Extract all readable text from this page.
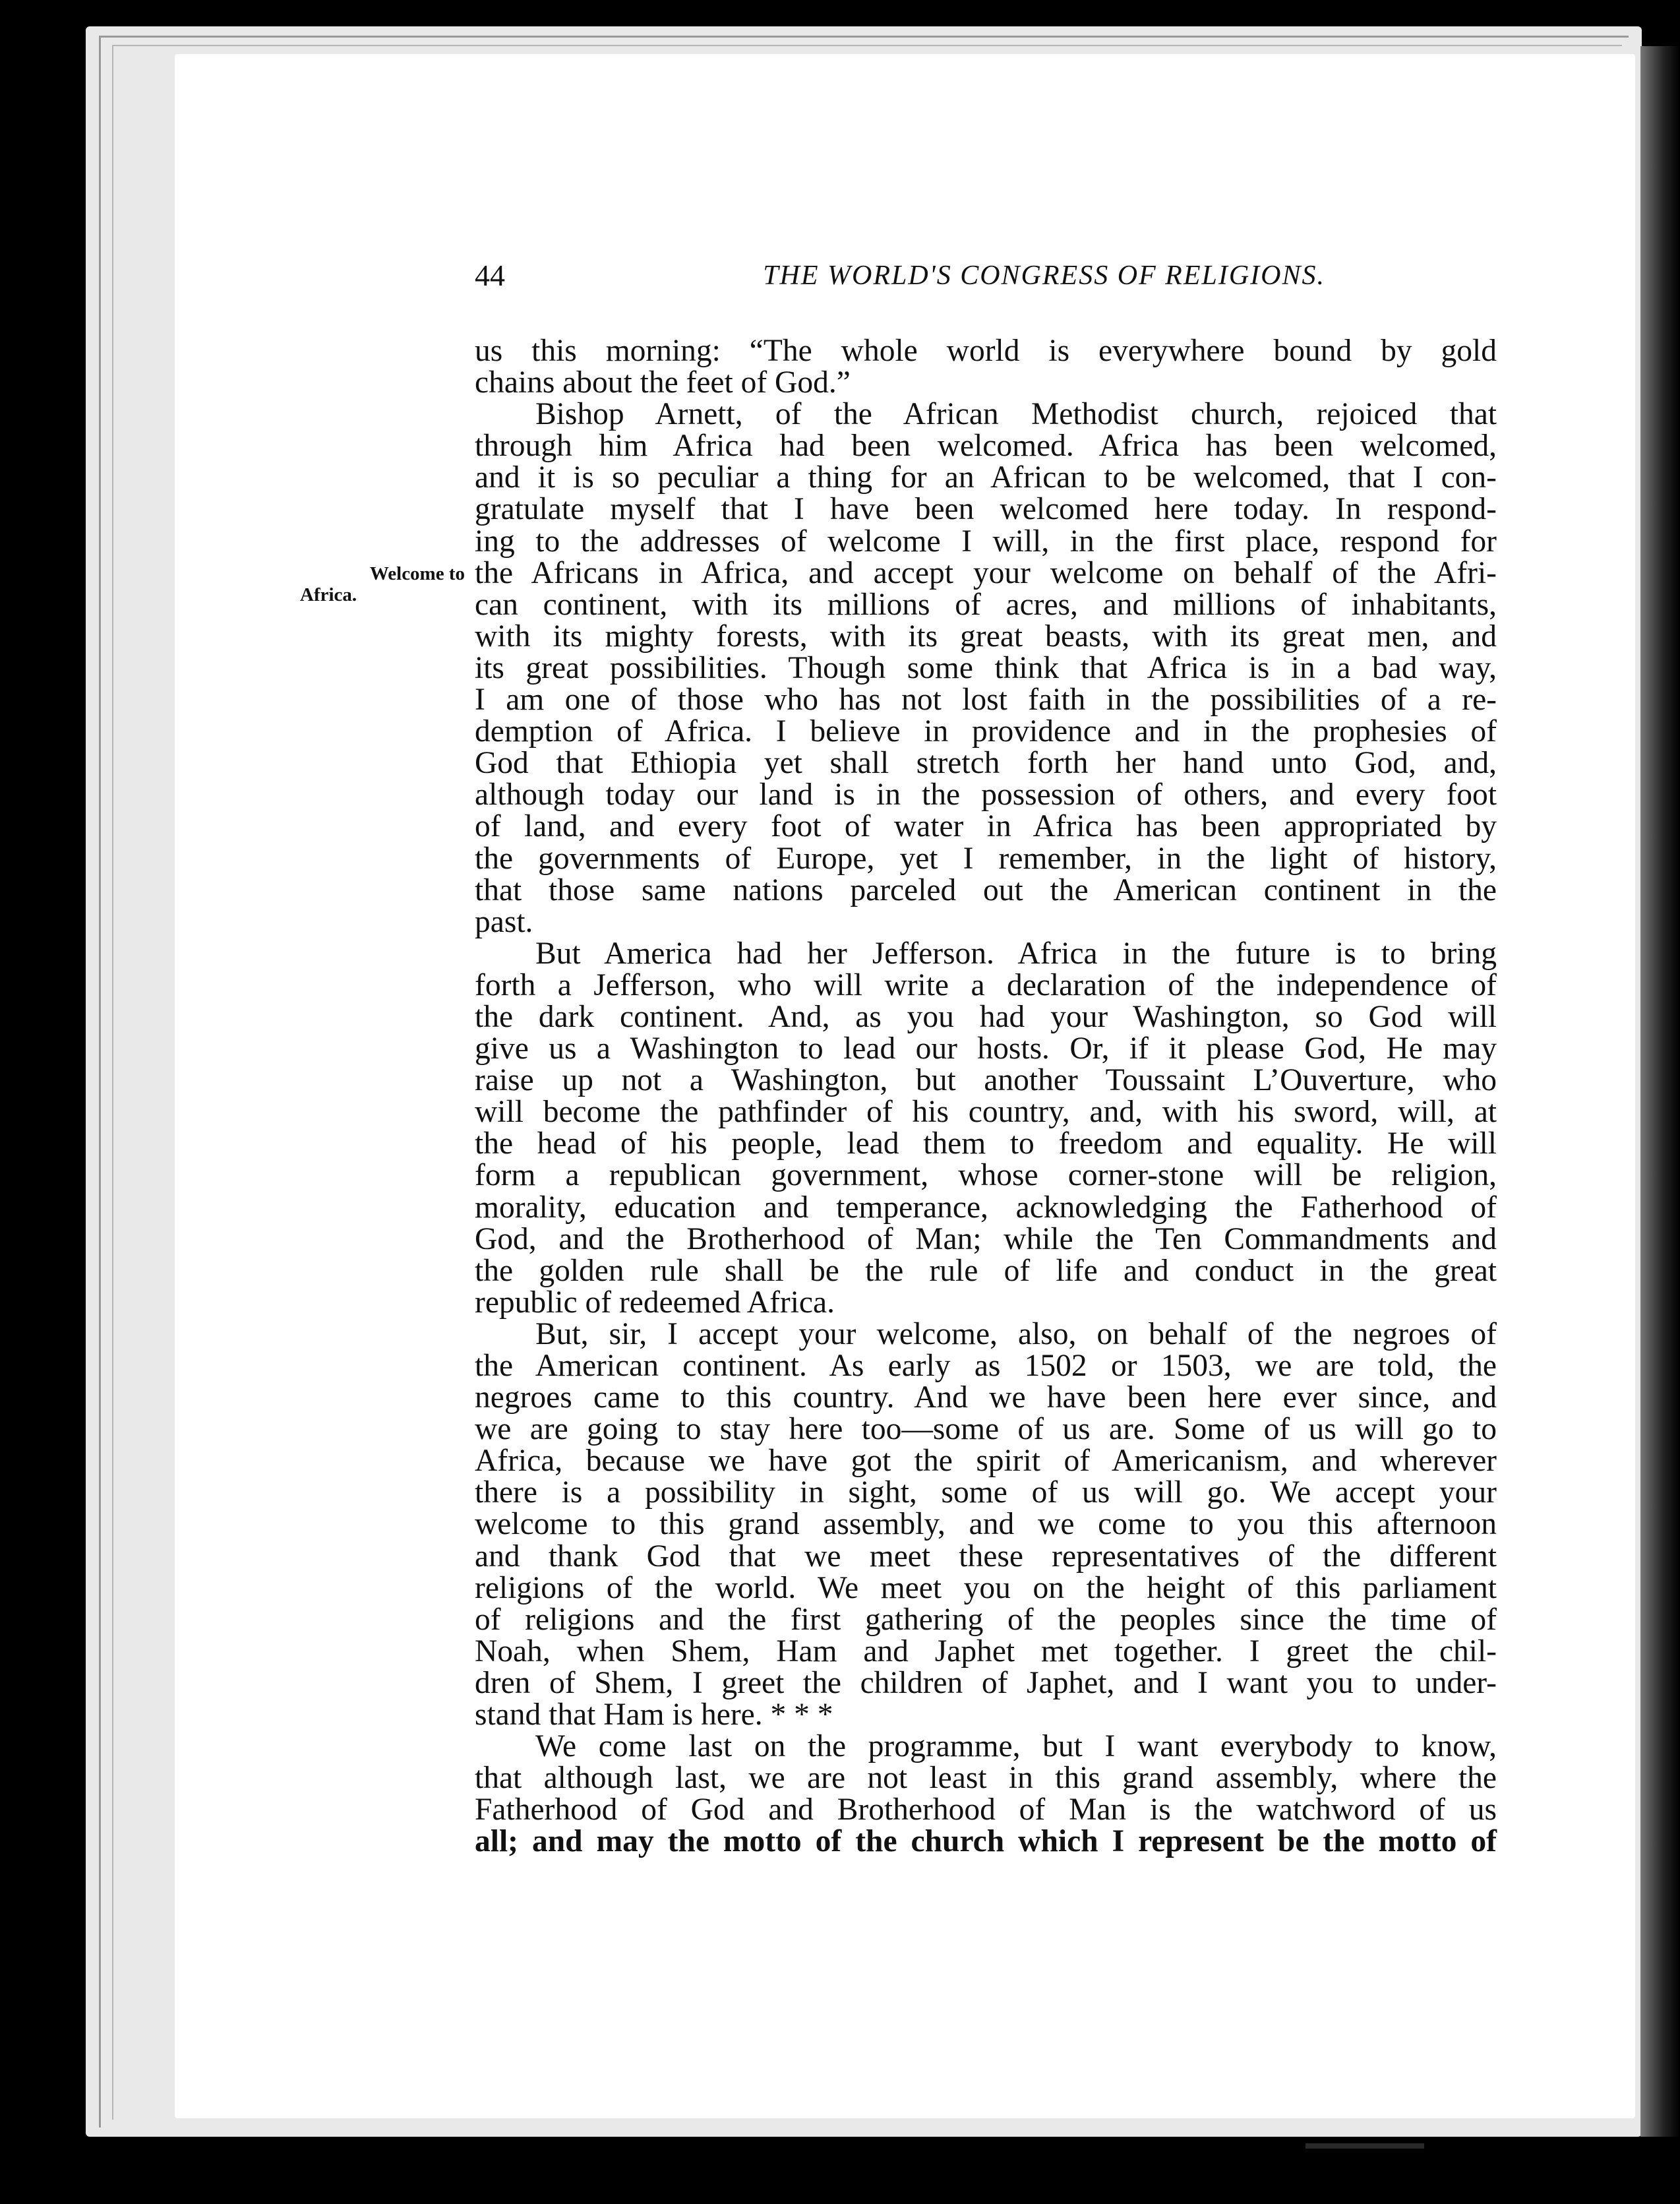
44	THE WORLD'S CONGRESS OF RELIGIONS.
Welcome to
Africa.
us this morning: “The whole world is everywhere bound by gold
chains about the feet of God.”
Bishop Arnett, of the African Methodist church, rejoiced that
through him Africa had been welcomed. Africa has been welcomed,
and it is so peculiar a thing for an African to be welcomed, that I con-
gratulate myself that I have been welcomed here today. In respond-
ing to the addresses of welcome I will, in the first place, respond for
the Africans in Africa, and accept your welcome on behalf of the Afri-
can continent, with its millions of acres, and millions of inhabitants,
with its mighty forests, with its great beasts, with its great men, and
its great possibilities. Though some think that Africa is in a bad way,
I am one of those who has not lost faith in the possibilities of a re-
demption of Africa. I believe in providence and in the prophesies of
God that Ethiopia yet shall stretch forth her hand unto God, and,
although today our land is in the possession of others, and every foot
of land, and every foot of water in Africa has been appropriated by
the governments of Europe, yet I remember, in the light of history,
that those same nations parceled out the American continent in the
past.
But America had her Jefferson. Africa in the future is to bring
forth a Jefferson, who will write a declaration of the independence of
the dark continent. And, as you had your Washington, so God will
give us a Washington to lead our hosts. Or, if it please God, He may
raise up not a Washington, but another Toussaint L’Ouverture, who
will become the pathfinder of his country, and, with his sword, will, at
the head of his people, lead them to freedom and equality. He will
form a republican government, whose corner-stone will be religion,
morality, education and temperance, acknowledging the Fatherhood of
God, and the Brotherhood of Man; while the Ten Commandments and
the golden rule shall be the rule of life and conduct in the great
republic of redeemed Africa.
But, sir, I accept your welcome, also, on behalf of the negroes of
the American continent. As early as 1502 or 1503, we are told, the
negroes came to this country. And we have been here ever since, and
we are going to stay here too—some of us are. Some of us will go to
Africa, because we have got the spirit of Americanism, and wherever
there is a possibility in sight, some of us will go. We accept your
welcome to this grand assembly, and we come to you this afternoon
and thank God that we meet these representatives of the different
religions of the world. We meet you on the height of this parliament
of religions and the first gathering of the peoples since the time of
Noah, when Shem, Ham and Japhet met together. I greet the chil-
dren of Shem, I greet the children of Japhet, and I want you to under-
stand that Ham is here. * * *
We come last on the programme, but I want everybody to know,
that although last, we are not least in this grand assembly, where the
Fatherhood of God and Brotherhood of Man is the watchword of us
all; and may the motto of the church which I represent be the motto of
